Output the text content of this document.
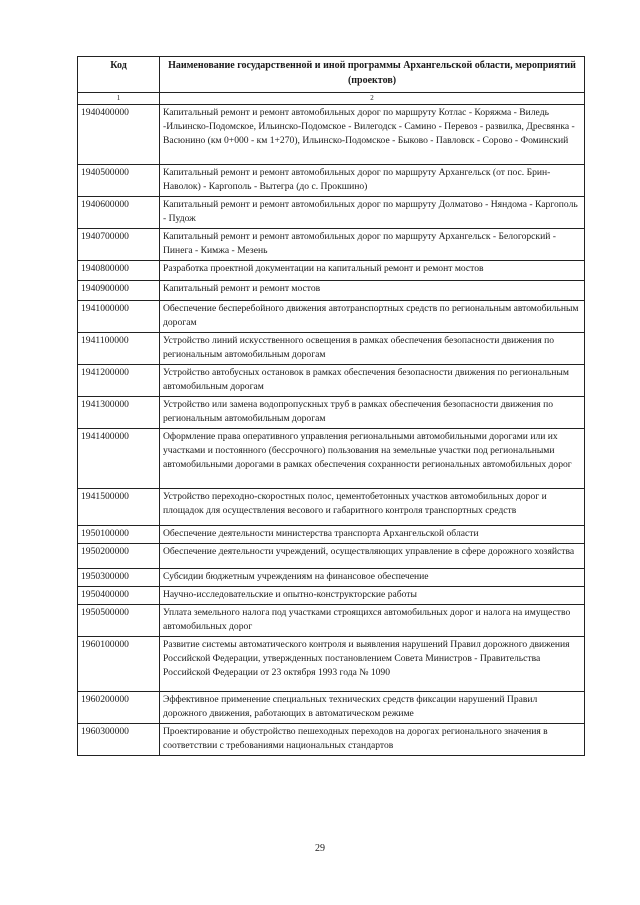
Код	Наименование государственной и иной программы Архангельской области, мероприятий (проектов)
1	2
1940400000	Капитальный ремонт и ремонт автомобильных дорог по маршруту Котлас - Коряжма - Виледь -Ильинско-Подомское, Ильинско-Подомское - Вилегодск - Самино - Перевоз - развилка, Дресвянка - Васюнино (км 0+000 - км 1+270), Ильинско-Подомское - Быково - Павловск - Сорово - Фоминский
1940500000	Капитальный ремонт и ремонт автомобильных дорог по маршруту Архангельск (от пос. Брин-Наволок) - Каргополь - Вытегра (до с. Прокшино)
1940600000	Капитальный ремонт и ремонт автомобильных дорог по маршруту Долматово - Няндома - Каргополь - Пудож
1940700000	Капитальный ремонт и ремонт автомобильных дорог по маршруту Архангельск - Белогорский - Пинега - Кимжа - Мезень
1940800000	Разработка проектной документации на капитальный ремонт и ремонт мостов
1940900000	Капитальный ремонт и ремонт мостов
1941000000	Обеспечение бесперебойного движения автотранспортных средств по региональным автомобильным дорогам
1941100000	Устройство линий искусственного освещения в рамках обеспечения безопасности движения по региональным автомобильным дорогам
1941200000	Устройство автобусных остановок в рамках обеспечения безопасности движения по региональным автомобильным дорогам
1941300000	Устройство или замена водопропускных труб в рамках обеспечения безопасности движения по региональным автомобильным дорогам
1941400000	Оформление права оперативного управления региональными автомобильными дорогами или их участками и постоянного (бессрочного) пользования на земельные участки под региональными автомобильными дорогами в рамках обеспечения сохранности региональных автомобильных дорог
1941500000	Устройство переходно-скоростных полос, цементобетонных участков автомобильных дорог и площадок для осуществления весового и габаритного контроля транспортных средств
1950100000	Обеспечение деятельности министерства транспорта Архангельской области
1950200000	Обеспечение деятельности учреждений, осуществляющих управление в сфере дорожного хозяйства
1950300000	Субсидии бюджетным учреждениям на финансовое обеспечение
1950400000	Научно-исследовательские и опытно-конструкторские работы
1950500000	Уплата земельного налога под участками строящихся автомобильных дорог и налога на имущество автомобильных дорог
1960100000	Развитие системы автоматического контроля и выявления нарушений Правил дорожного движения Российской Федерации, утвержденных постановлением Совета Министров - Правительства Российской Федерации от 23 октября 1993 года № 1090
1960200000	Эффективное применение специальных технических средств фиксации нарушений Правил дорожного движения, работающих в автоматическом режиме
1960300000	Проектирование и обустройство пешеходных переходов на дорогах регионального значения в соответствии с требованиями национальных стандартов
29
